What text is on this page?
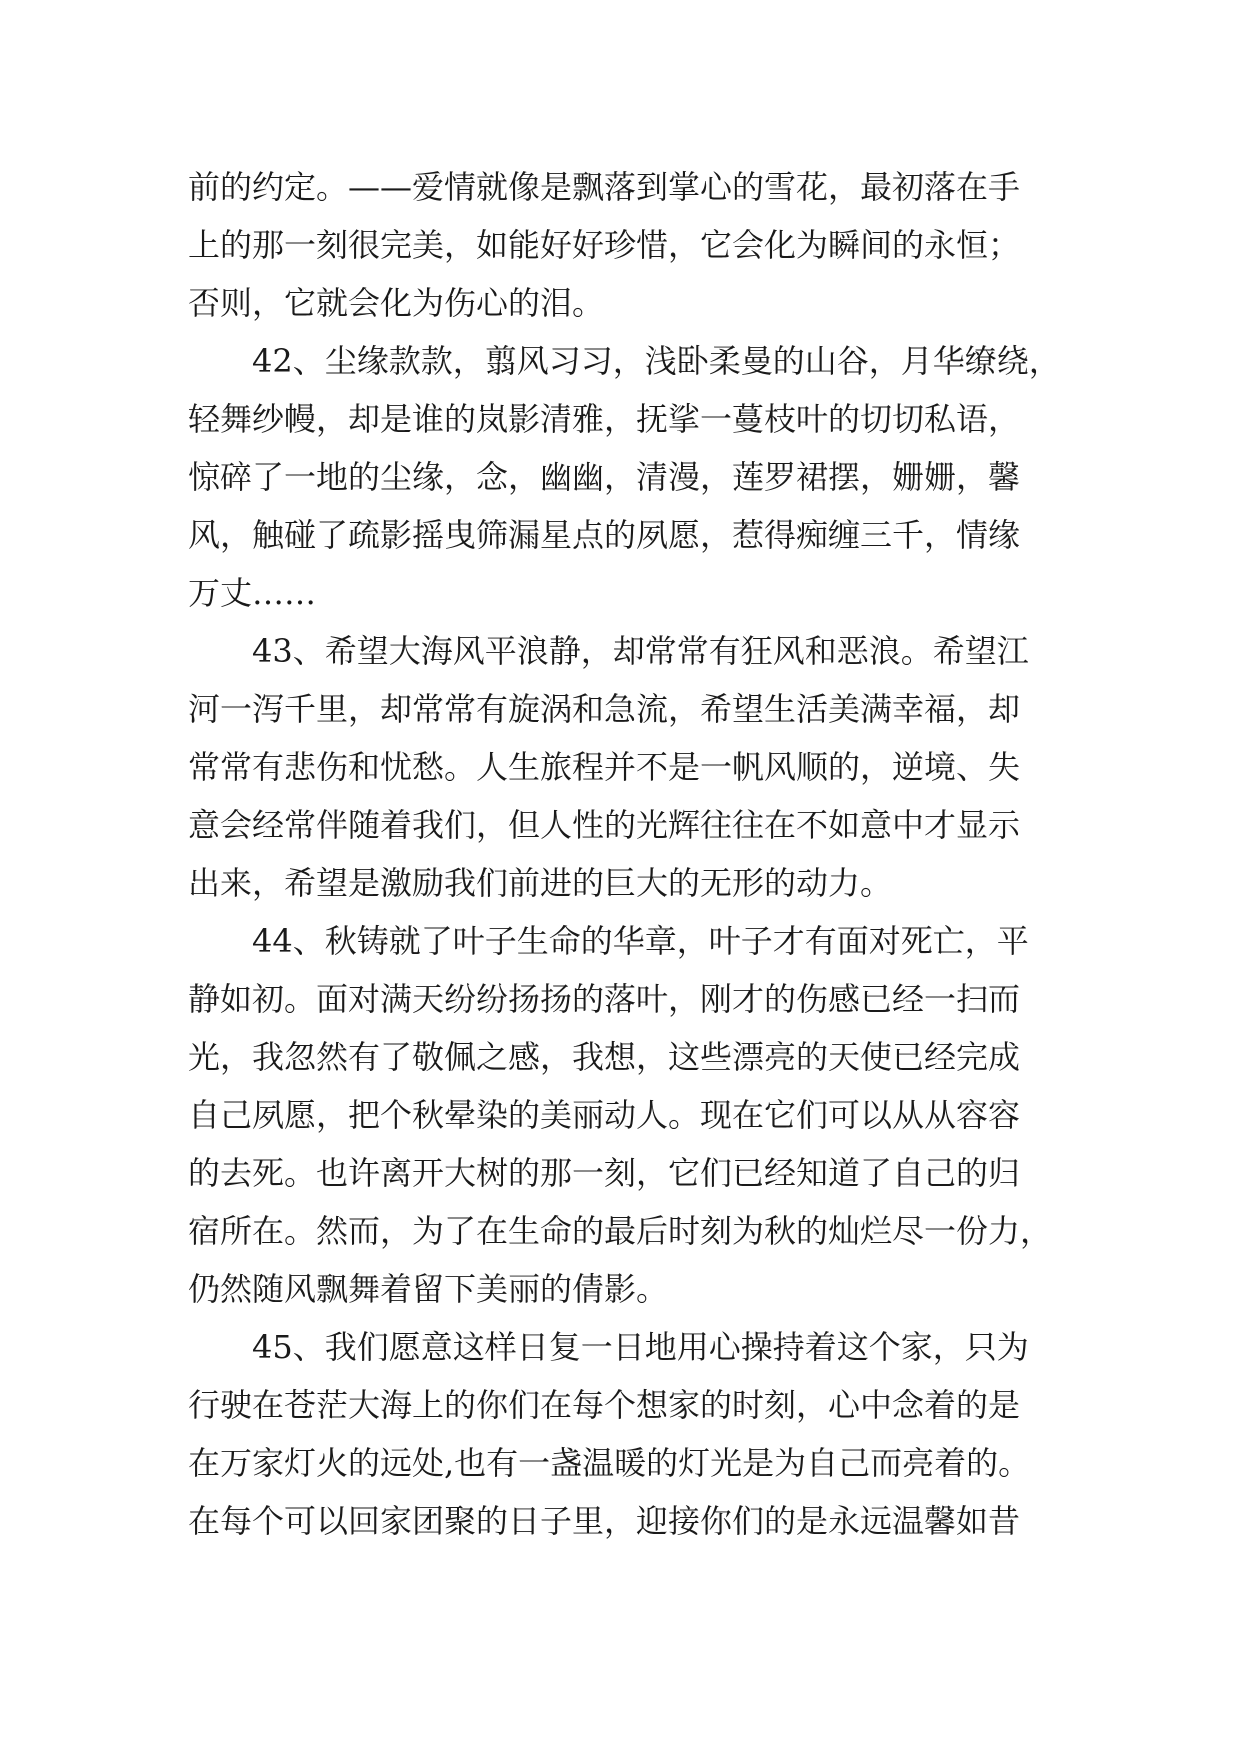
前的约定。——爱情就像是飘落到掌心的雪花，最初落在手
上的那一刻很完美，如能好好珍惜，它会化为瞬间的永恒；
否则，它就会化为伤心的泪。
42、尘缘款款，翦风习习，浅卧柔曼的山谷，月华缭绕，
轻舞纱幔，却是谁的岚影清雅，抚挲一蔓枝叶的切切私语，
惊碎了一地的尘缘，念，幽幽，清漫，莲罗裙摆，姗姗，馨
风，触碰了疏影摇曳筛漏星点的夙愿，惹得痴缠三千，情缘
万丈……
43、希望大海风平浪静，却常常有狂风和恶浪。希望江
河一泻千里，却常常有旋涡和急流，希望生活美满幸福，却
常常有悲伤和忧愁。人生旅程并不是一帆风顺的，逆境、失
意会经常伴随着我们，但人性的光辉往往在不如意中才显示
出来，希望是激励我们前进的巨大的无形的动力。
44、秋铸就了叶子生命的华章，叶子才有面对死亡，平
静如初。面对满天纷纷扬扬的落叶，刚才的伤感已经一扫而
光，我忽然有了敬佩之感，我想，这些漂亮的天使已经完成
自己夙愿，把个秋晕染的美丽动人。现在它们可以从从容容
的去死。也许离开大树的那一刻，它们已经知道了自己的归
宿所在。然而，为了在生命的最后时刻为秋的灿烂尽一份力，
仍然随风飘舞着留下美丽的倩影。
45、我们愿意这样日复一日地用心操持着这个家，只为
行驶在苍茫大海上的你们在每个想家的时刻，心中念着的是
在万家灯火的远处,也有一盏温暖的灯光是为自己而亮着的。
在每个可以回家团聚的日子里，迎接你们的是永远温馨如昔
